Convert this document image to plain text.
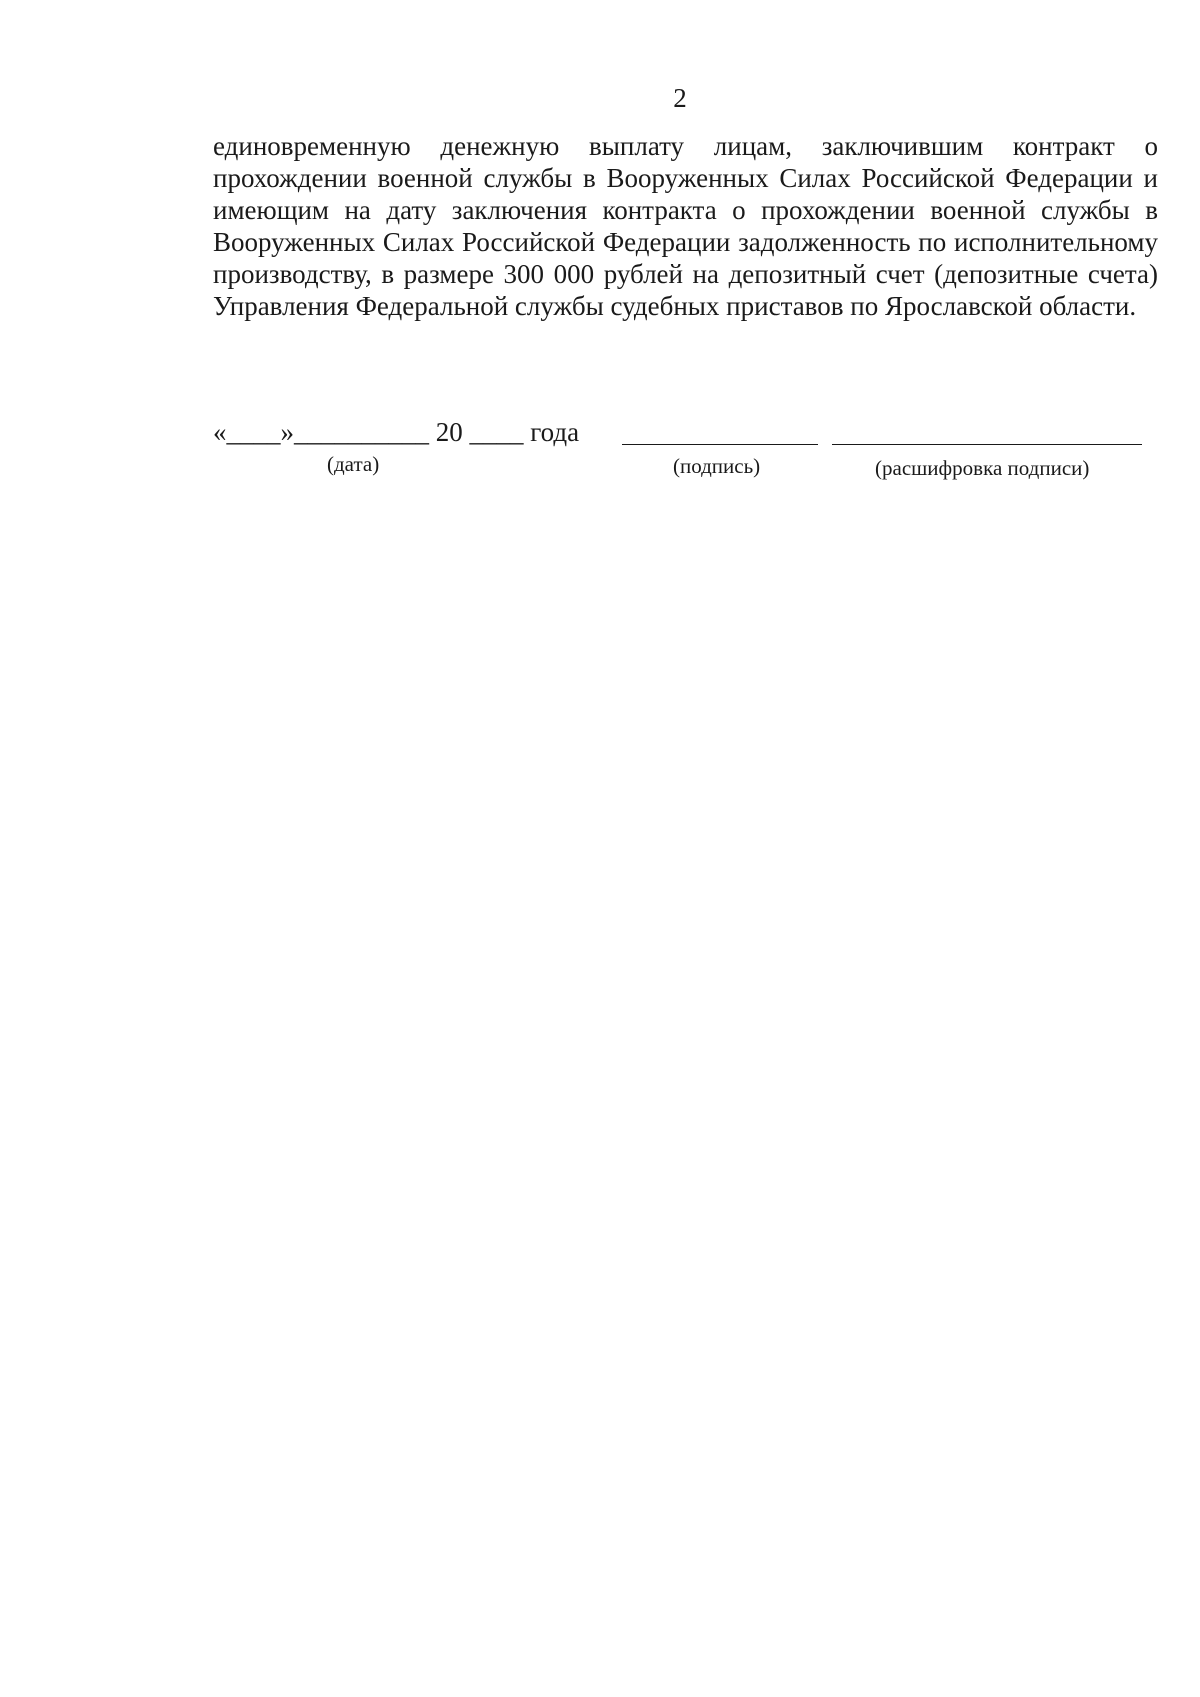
2

единовременную денежную выплату лицам, заключившим контракт о прохождении военной службы в Вооруженных Силах Российской Федерации и имеющим на дату заключения контракта о прохождении военной службы в Вооруженных Силах Российской Федерации задолженность по исполнительному производству, в размере 300 000 рублей на депозитный счет (депозитные счета) Управления Федеральной службы судебных приставов по Ярославской области.

«____»__________ 20 ____ года
(дата)	(подпись)	(расшифровка подписи)
